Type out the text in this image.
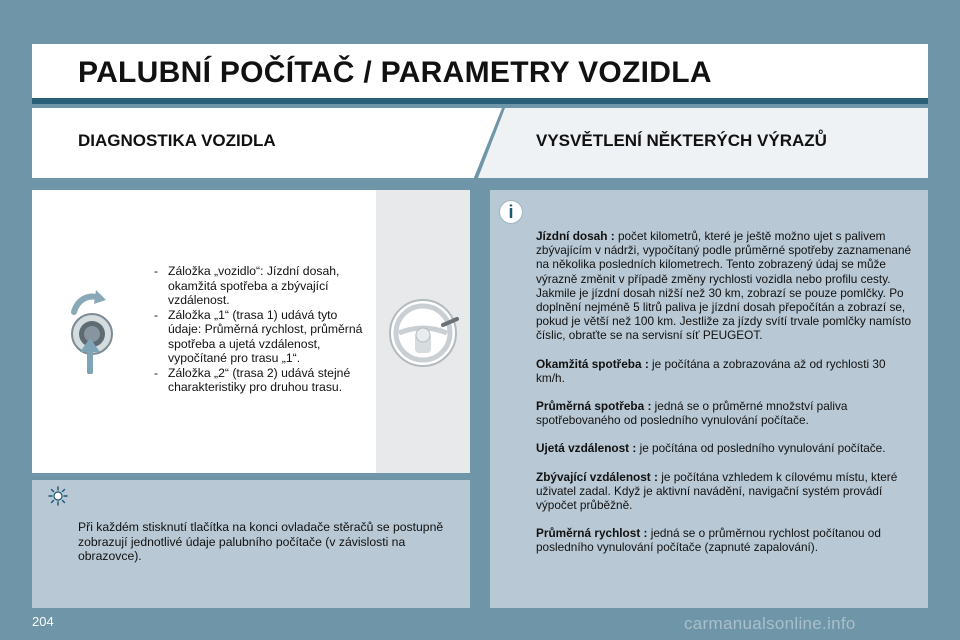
PALUBNÍ POČÍTAČ / PARAMETRY VOZIDLA
DIAGNOSTIKA VOZIDLA	VYSVĚTLENÍ NĚKTERÝCH VÝRAZŮ
- Záložka „vozidlo“: Jízdní dosah, okamžitá spotřeba a zbývající vzdálenost.
- Záložka „1“ (trasa 1) udává tyto údaje: Průměrná rychlost, průměrná spotřeba a ujetá vzdálenost, vypočítané pro trasu „1“.
- Záložka „2“ (trasa 2) udává stejné charakteristiky pro druhou trasu.

Při každém stisknutí tlačítka na konci ovladače stěračů se postupně zobrazují jednotlivé údaje palubního počítače (v závislosti na obrazovce).

i

Jízdní dosah : počet kilometrů, které je ještě možno ujet s palivem zbývajícím v nádrži, vypočítaný podle průměrné spotřeby zaznamenané na několika posledních kilometrech. Tento zobrazený údaj se může výrazně změnit v případě změny rychlosti vozidla nebo profilu cesty. Jakmile je jízdní dosah nižší než 30 km, zobrazí se pouze pomlčky. Po doplnění nejméně 5 litrů paliva je jízdní dosah přepočítán a zobrazí se, pokud je větší než 100 km. Jestliže za jízdy svítí trvale pomlčky namísto číslic, obraťte se na servisní síť PEUGEOT.

Okamžitá spotřeba : je počítána a zobrazována až od rychlosti 30 km/h.

Průměrná spotřeba : jedná se o průměrné množství paliva spotřebovaného od posledního vynulování počítače.

Ujetá vzdálenost : je počítána od posledního vynulování počítače.

Zbývající vzdálenost : je počítána vzhledem k cílovému místu, které uživatel zadal. Když je aktivní navádění, navigační systém provádí výpočet průběžně.

Průměrná rychlost : jedná se o průměrnou rychlost počítanou od posledního vynulování počítače (zapnuté zapalování).

204	carmanualsonline.info
